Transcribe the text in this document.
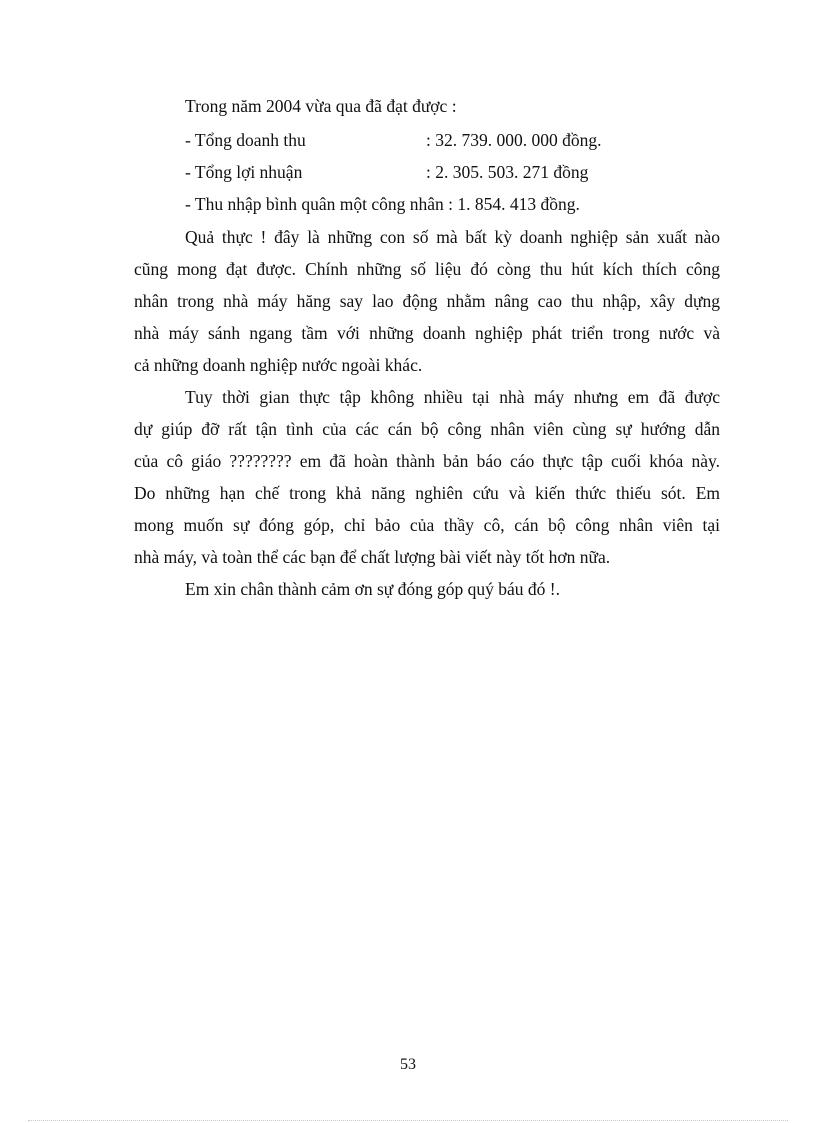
Trong năm 2004 vừa qua đã đạt được :
- Tổng doanh thu	: 32. 739. 000. 000 đồng.
- Tổng lợi nhuận	: 2. 305. 503. 271 đồng
- Thu nhập bình quân một công nhân : 1. 854. 413 đồng.
Quả thực ! đây là những con số mà bất kỳ doanh nghiệp sản xuất nào
cũng mong đạt được. Chính những số liệu đó còng thu hút kích thích công
nhân trong nhà máy hăng say lao động nhằm nâng cao thu nhập, xây dựng
nhà máy sánh ngang tầm với những doanh nghiệp phát triển trong nước và
cả những doanh nghiệp nước ngoài khác.
Tuy thời gian thực tập không nhiều tại nhà máy nhưng em đã được
dự giúp đỡ rất tận tình của các cán bộ công nhân viên cùng sự hướng dẫn
của cô giáo ???????? em đã hoàn thành bản báo cáo thực tập cuối khóa này.
Do những hạn chế trong khả năng nghiên cứu và kiến thức thiếu sót. Em
mong muốn sự đóng góp, chỉ bảo của thầy cô, cán bộ công nhân viên tại
nhà máy, và toàn thể các bạn để chất lượng bài viết này tốt hơn nữa.
Em xin chân thành cảm ơn sự đóng góp quý báu đó !.
53
